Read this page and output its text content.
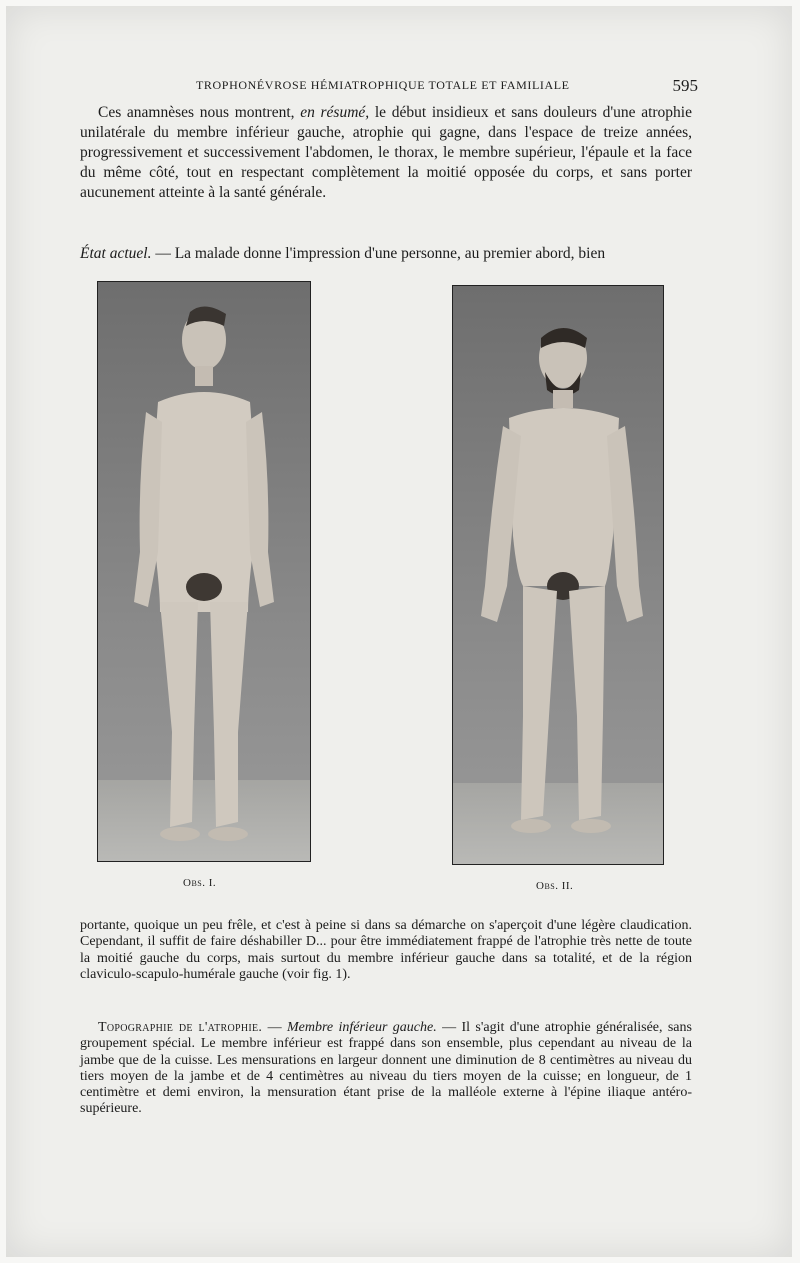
TROPHONÉVROSE HÉMIATROPHIQUE TOTALE ET FAMILIALE	595

Ces anamnèses nous montrent, en résumé, le début insidieux et sans douleurs d'une atrophie unilatérale du membre inférieur gauche, atrophie qui gagne, dans l'espace de treize années, progressivement et successivement l'abdomen, le thorax, le membre supérieur, l'épaule et la face du même côté, tout en respectant complètement la moitié opposée du corps, et sans porter aucunement atteinte à la santé générale.

État actuel. — La malade donne l'impression d'une personne, au premier abord, bien

Obs. I.	Obs. II.

portante, quoique un peu frêle, et c'est à peine si dans sa démarche on s'aperçoit d'une légère claudication. Cependant, il suffit de faire déshabiller D... pour être immédiatement frappé de l'atrophie très nette de toute la moitié gauche du corps, mais surtout du membre inférieur gauche dans sa totalité, et de la région claviculo-scapulo-humérale gauche (voir fig. 1).

Topographie de l'atrophie. — Membre inférieur gauche. — Il s'agit d'une atrophie généralisée, sans groupement spécial. Le membre inférieur est frappé dans son ensemble, plus cependant au niveau de la jambe que de la cuisse. Les mensurations en largeur donnent une diminution de 8 centimètres au niveau du tiers moyen de la jambe et de 4 centimètres au niveau du tiers moyen de la cuisse; en longueur, de 1 centimètre et demi environ, la mensuration étant prise de la malléole externe à l'épine iliaque antéro-supérieure.
